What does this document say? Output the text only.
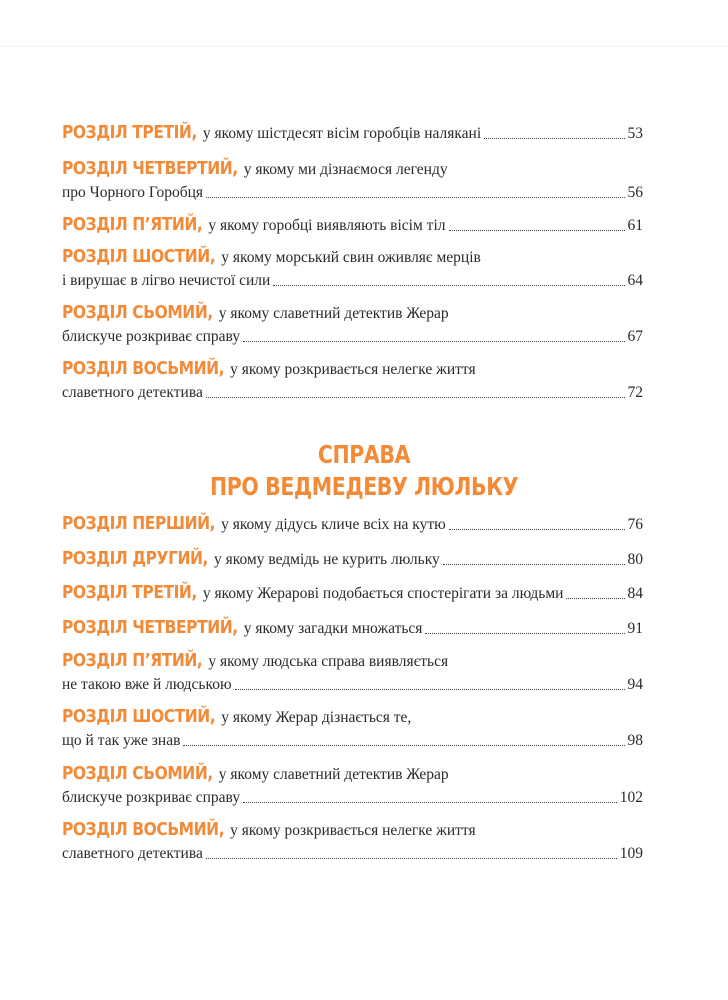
РОЗДІЛ ТРЕТІЙ, у якому шістдесят вісім горобців налякані	53
РОЗДІЛ ЧЕТВЕРТИЙ, у якому ми дізнаємося легенду
про Чорного Горобця	56
РОЗДІЛ П’ЯТИЙ, у якому горобці виявляють вісім тіл	61
РОЗДІЛ ШОСТИЙ, у якому морський свин оживляє мерців
і вирушає в лігво нечистої сили	64
РОЗДІЛ СЬОМИЙ, у якому славетний детектив Жерар
блискуче розкриває справу	67
РОЗДІЛ ВОСЬМИЙ, у якому розкривається нелегке життя
славетного детектива	72
СПРАВА
ПРО ВЕДМЕДЕВУ ЛЮЛЬКУ
РОЗДІЛ ПЕРШИЙ, у якому дідусь кличе всіх на кутю	76
РОЗДІЛ ДРУГИЙ, у якому ведмідь не курить люльку	80
РОЗДІЛ ТРЕТІЙ, у якому Жерарові подобається спостерігати за людьми	84
РОЗДІЛ ЧЕТВЕРТИЙ, у якому загадки множаться	91
РОЗДІЛ П’ЯТИЙ, у якому людська справа виявляється
не такою вже й людською	94
РОЗДІЛ ШОСТИЙ, у якому Жерар дізнається те,
що й так уже знав	98
РОЗДІЛ СЬОМИЙ, у якому славетний детектив Жерар
блискуче розкриває справу	102
РОЗДІЛ ВОСЬМИЙ, у якому розкривається нелегке життя
славетного детектива	109
